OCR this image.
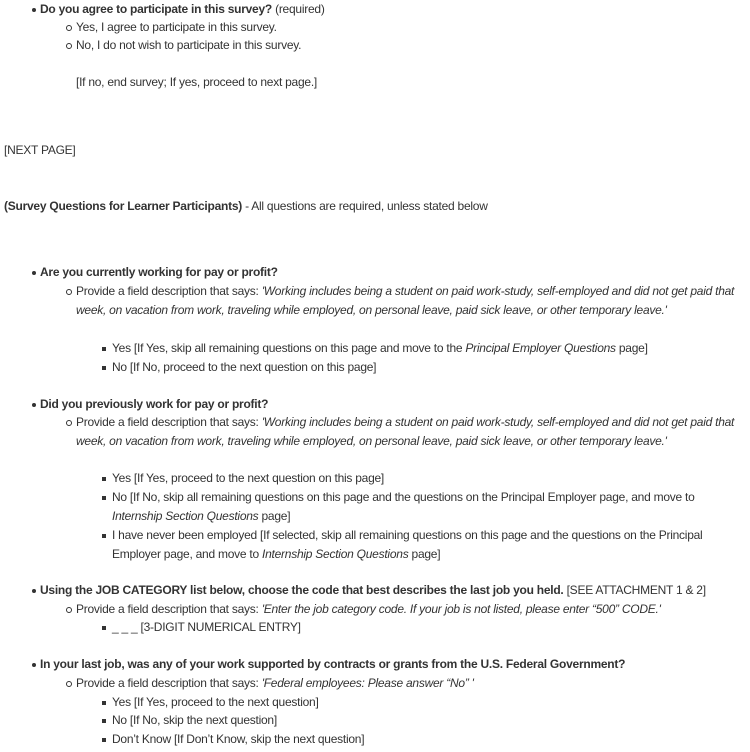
Do you agree to participate in this survey? (required)
Yes, I agree to participate in this survey.
No, I do not wish to participate in this survey.
[If no, end survey; If yes, proceed to next page.]
[NEXT PAGE]
(Survey Questions for Learner Participants) - All questions are required, unless stated below
Are you currently working for pay or profit?
Provide a field description that says: 'Working includes being a student on paid work-study, self-employed and did not get paid that week, on vacation from work, traveling while employed, on personal leave, paid sick leave, or other temporary leave.'
Yes [If Yes, skip all remaining questions on this page and move to the Principal Employer Questions page]
No [If No, proceed to the next question on this page]
Did you previously work for pay or profit?
Provide a field description that says: 'Working includes being a student on paid work-study, self-employed and did not get paid that week, on vacation from work, traveling while employed, on personal leave, paid sick leave, or other temporary leave.'
Yes [If Yes, proceed to the next question on this page]
No [If No, skip all remaining questions on this page and the questions on the Principal Employer page, and move to Internship Section Questions page]
I have never been employed [If selected, skip all remaining questions on this page and the questions on the Principal Employer page, and move to Internship Section Questions page]
Using the JOB CATEGORY list below, choose the code that best describes the last job you held. [SEE ATTACHMENT 1 & 2]
Provide a field description that says: 'Enter the job category code. If your job is not listed, please enter “500” CODE.'
_ _ _ [3-DIGIT NUMERICAL ENTRY]
In your last job, was any of your work supported by contracts or grants from the U.S. Federal Government?
Provide a field description that says: 'Federal employees: Please answer “No” '
Yes [If Yes, proceed to the next question]
No [If No, skip the next question]
Don’t Know [If Don’t Know, skip the next question]
